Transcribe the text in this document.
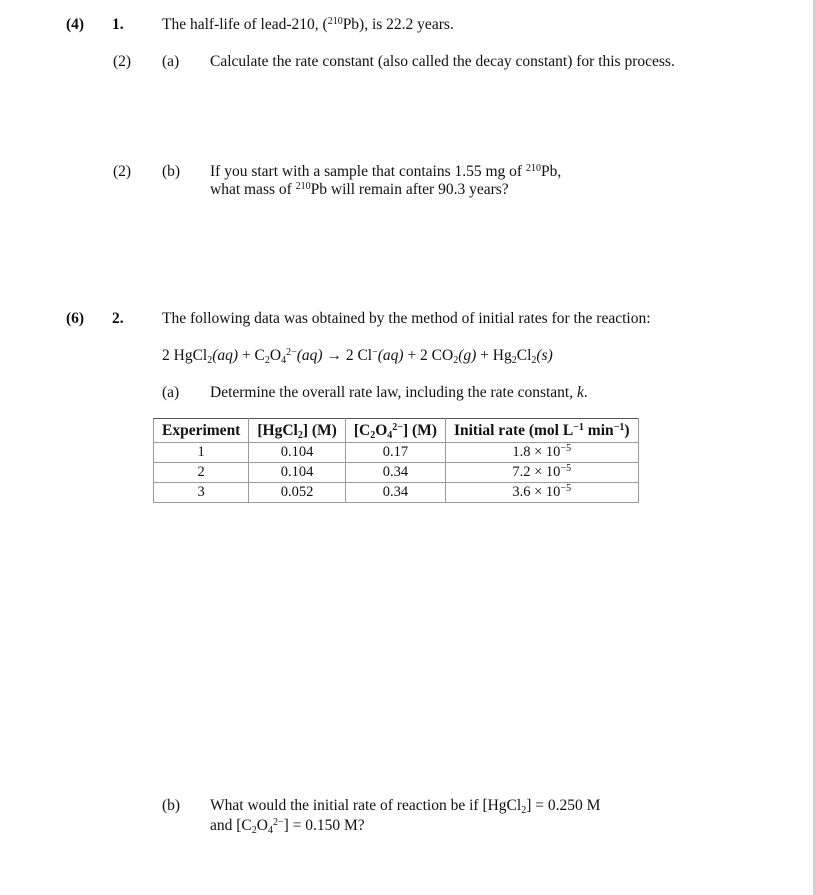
(4) 1. The half-life of lead-210, ($^{210}$Pb), is 22.2 years.
(2) (a) Calculate the rate constant (also called the decay constant) for this process.
(2) (b) If you start with a sample that contains 1.55 mg of $^{210}$Pb,
what mass of $^{210}$Pb will remain after 90.3 years?
(6) 2. The following data was obtained by the method of initial rates for the reaction:
2 HgCl$_2$(aq) + $C_2O_4^{2-}(aq) \to 2$ Cl−(aq) + 2 $CO_2(g) + Hg_2Cl_2(s)$
(a) Determine the overall rate law, including the rate constant, k.
Experiment	[HgCl$_2$] (M)	$[C_2O_4^{2-}]$ (M)	Initial rate (mol $L^{-1}$ $\min^{-1}$)
1	0.104	0.17	$1.8 \times 10^{-5}$
2	0.104	0.34	$7.2 \times 10^{-5}$
3	0.052	0.34	$3.6 \times 10^{-5}$
(b) What would the initial rate of reaction be if [HgCl$_2$] = 0.250 M
and $[C_2O_4^{2-}] = 0.150$ M?
